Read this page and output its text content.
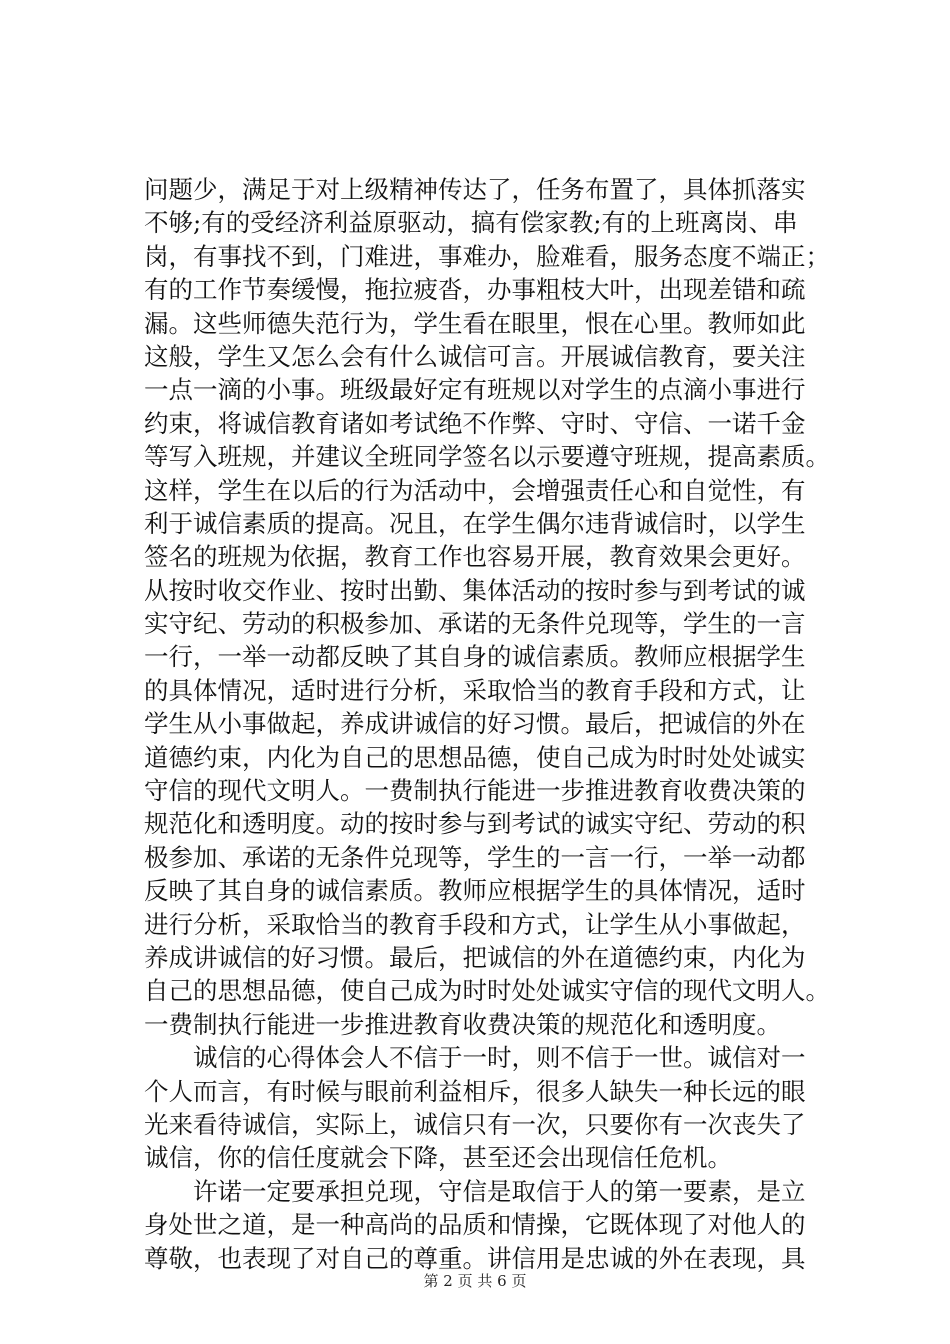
问题少，满足于对上级精神传达了，任务布置了，具体抓落实
不够;有的受经济利益原驱动，搞有偿家教;有的上班离岗、串
岗，有事找不到，门难进，事难办，脸难看，服务态度不端正；
有的工作节奏缓慢，拖拉疲沓，办事粗枝大叶，出现差错和疏
漏。这些师德失范行为，学生看在眼里，恨在心里。教师如此
这般，学生又怎么会有什么诚信可言。开展诚信教育，要关注
一点一滴的小事。班级最好定有班规以对学生的点滴小事进行
约束，将诚信教育诸如考试绝不作弊、守时、守信、一诺千金
等写入班规，并建议全班同学签名以示要遵守班规，提高素质。
这样，学生在以后的行为活动中，会增强责任心和自觉性，有
利于诚信素质的提高。况且，在学生偶尔违背诚信时，以学生
签名的班规为依据，教育工作也容易开展，教育效果会更好。
从按时收交作业、按时出勤、集体活动的按时参与到考试的诚
实守纪、劳动的积极参加、承诺的无条件兑现等，学生的一言
一行，一举一动都反映了其自身的诚信素质。教师应根据学生
的具体情况，适时进行分析，采取恰当的教育手段和方式，让
学生从小事做起，养成讲诚信的好习惯。最后，把诚信的外在
道德约束，内化为自己的思想品德，使自己成为时时处处诚实
守信的现代文明人。一费制执行能进一步推进教育收费决策的
规范化和透明度。动的按时参与到考试的诚实守纪、劳动的积
极参加、承诺的无条件兑现等，学生的一言一行，一举一动都
反映了其自身的诚信素质。教师应根据学生的具体情况，适时
进行分析，采取恰当的教育手段和方式，让学生从小事做起，
养成讲诚信的好习惯。最后，把诚信的外在道德约束，内化为
自己的思想品德，使自己成为时时处处诚实守信的现代文明人。
一费制执行能进一步推进教育收费决策的规范化和透明度。
　　诚信的心得体会人不信于一时，则不信于一世。诚信对一
个人而言，有时候与眼前利益相斥，很多人缺失一种长远的眼
光来看待诚信，实际上，诚信只有一次，只要你有一次丧失了
诚信，你的信任度就会下降，甚至还会出现信任危机。
　　许诺一定要承担兑现，守信是取信于人的第一要素，是立
身处世之道，是一种高尚的品质和情操，它既体现了对他人的
尊敬，也表现了对自己的尊重。讲信用是忠诚的外在表现，具
第 2 页 共 6 页
